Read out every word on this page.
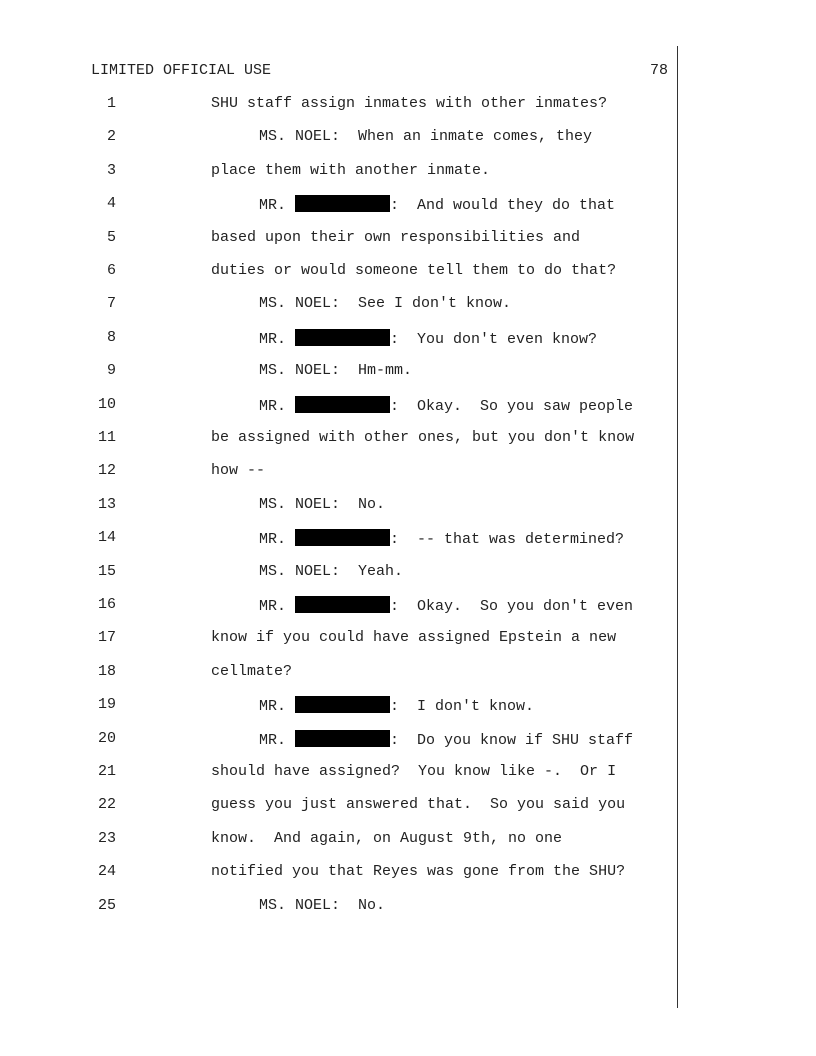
LIMITED OFFICIAL USE	78
1	SHU staff assign inmates with other inmates?
2	MS. NOEL:  When an inmate comes, they
3	place them with another inmate.
4	MR.	:  And would they do that
5	based upon their own responsibilities and
6	duties or would someone tell them to do that?
7	MS. NOEL:  See I don't know.
8	MR.	:  You don't even know?
9	MS. NOEL:  Hm-mm.
10	MR.	:  Okay.  So you saw people
11	be assigned with other ones, but you don't know
12	how --
13	MS. NOEL:  No.
14	MR.	:  -- that was determined?
15	MS. NOEL:  Yeah.
16	MR.	:  Okay.  So you don't even
17	know if you could have assigned Epstein a new
18	cellmate?
19	MR.	:  I don't know.
20	MR.	:  Do you know if SHU staff
21	should have assigned?  You know like -.  Or I
22	guess you just answered that.  So you said you
23	know.  And again, on August 9th, no one
24	notified you that Reyes was gone from the SHU?
25	MS. NOEL:  No.
